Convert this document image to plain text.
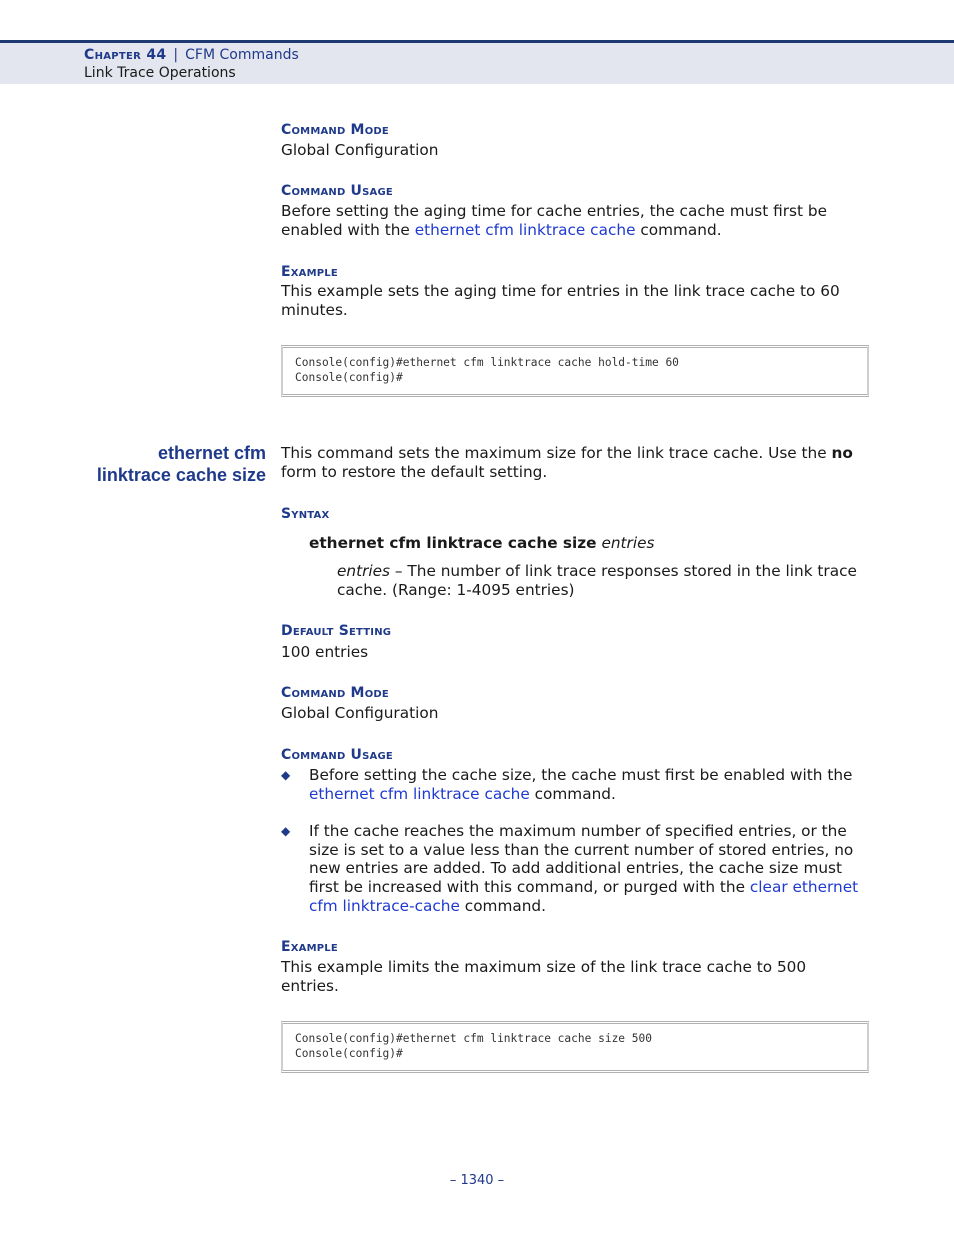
Chapter 44 | CFM Commands
Link Trace Operations
Command Mode
Global Configuration
Command Usage
Before setting the aging time for cache entries, the cache must first be
enabled with the ethernet cfm linktrace cache command.
Example
This example sets the aging time for entries in the link trace cache to 60
minutes.
Console(config)#ethernet cfm linktrace cache hold-time 60
Console(config)#
ethernet cfm
linktrace cache size
This command sets the maximum size for the link trace cache. Use the no
form to restore the default setting.
Syntax
ethernet cfm linktrace cache size entries
entries – The number of link trace responses stored in the link trace
cache. (Range: 1-4095 entries)
Default Setting
100 entries
Command Mode
Global Configuration
Command Usage
◆ Before setting the cache size, the cache must first be enabled with the
ethernet cfm linktrace cache command.
◆ If the cache reaches the maximum number of specified entries, or the
size is set to a value less than the current number of stored entries, no
new entries are added. To add additional entries, the cache size must
first be increased with this command, or purged with the clear ethernet
cfm linktrace-cache command.
Example
This example limits the maximum size of the link trace cache to 500
entries.
Console(config)#ethernet cfm linktrace cache size 500
Console(config)#
– 1340 –
